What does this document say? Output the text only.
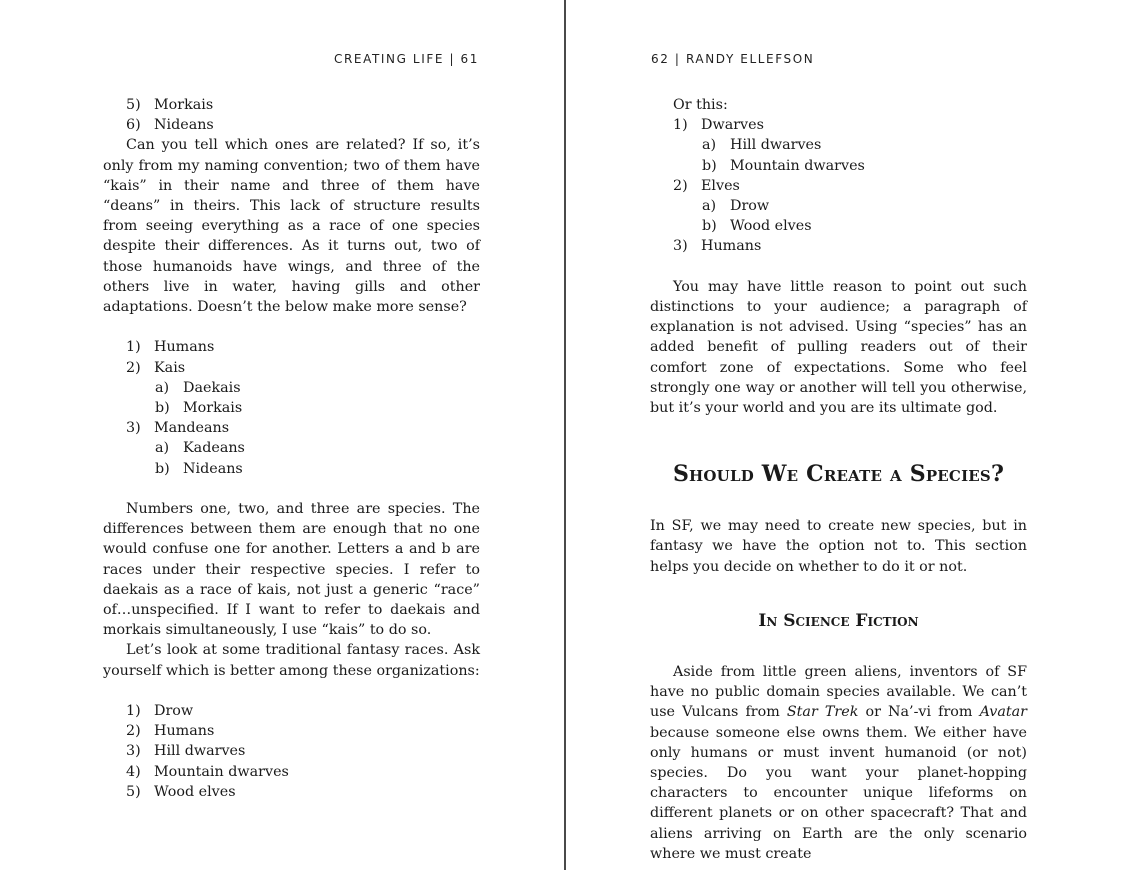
CREATING LIFE | 61
5) Morkais
6) Nideans

Can you tell which ones are related? If so, it’s only from my naming convention; two of them have “kais” in their name and three of them have “deans” in theirs. This lack of structure results from seeing everything as a race of one species despite their differences. As it turns out, two of those humanoids have wings, and three of the others live in water, having gills and other adaptations. Doesn’t the below make more sense?

1) Humans
2) Kais
a) Daekais
b) Morkais
3) Mandeans
a) Kadeans
b) Nideans

Numbers one, two, and three are species. The differences between them are enough that no one would confuse one for another. Letters a and b are races under their respective species. I refer to daekais as a race of kais, not just a generic “race” of…unspecified. If I want to refer to daekais and morkais simultaneously, I use “kais” to do so.

Let’s look at some traditional fantasy races. Ask yourself which is better among these organizations:

1) Drow
2) Humans
3) Hill dwarves
4) Mountain dwarves
5) Wood elves
62 | RANDY ELLEFSON

Or this:

1) Dwarves
a) Hill dwarves
b) Mountain dwarves
2) Elves
a) Drow
b) Wood elves
3) Humans

You may have little reason to point out such distinctions to your audience; a paragraph of explanation is not advised. Using “species” has an added benefit of pulling readers out of their comfort zone of expectations. Some who feel strongly one way or another will tell you otherwise, but it’s your world and you are its ultimate god.

Should We Create a Species?

In SF, we may need to create new species, but in fantasy we have the option not to. This section helps you decide on whether to do it or not.

In Science Fiction

Aside from little green aliens, inventors of SF have no public domain species available. We can’t use Vulcans from Star Trek or Na’-vi from Avatar because someone else owns them. We either have only humans or must invent humanoid (or not) species. Do you want your planet-hopping characters to encounter unique lifeforms on different planets or on other spacecraft? That and aliens arriving on Earth are the only scenario where we must create
